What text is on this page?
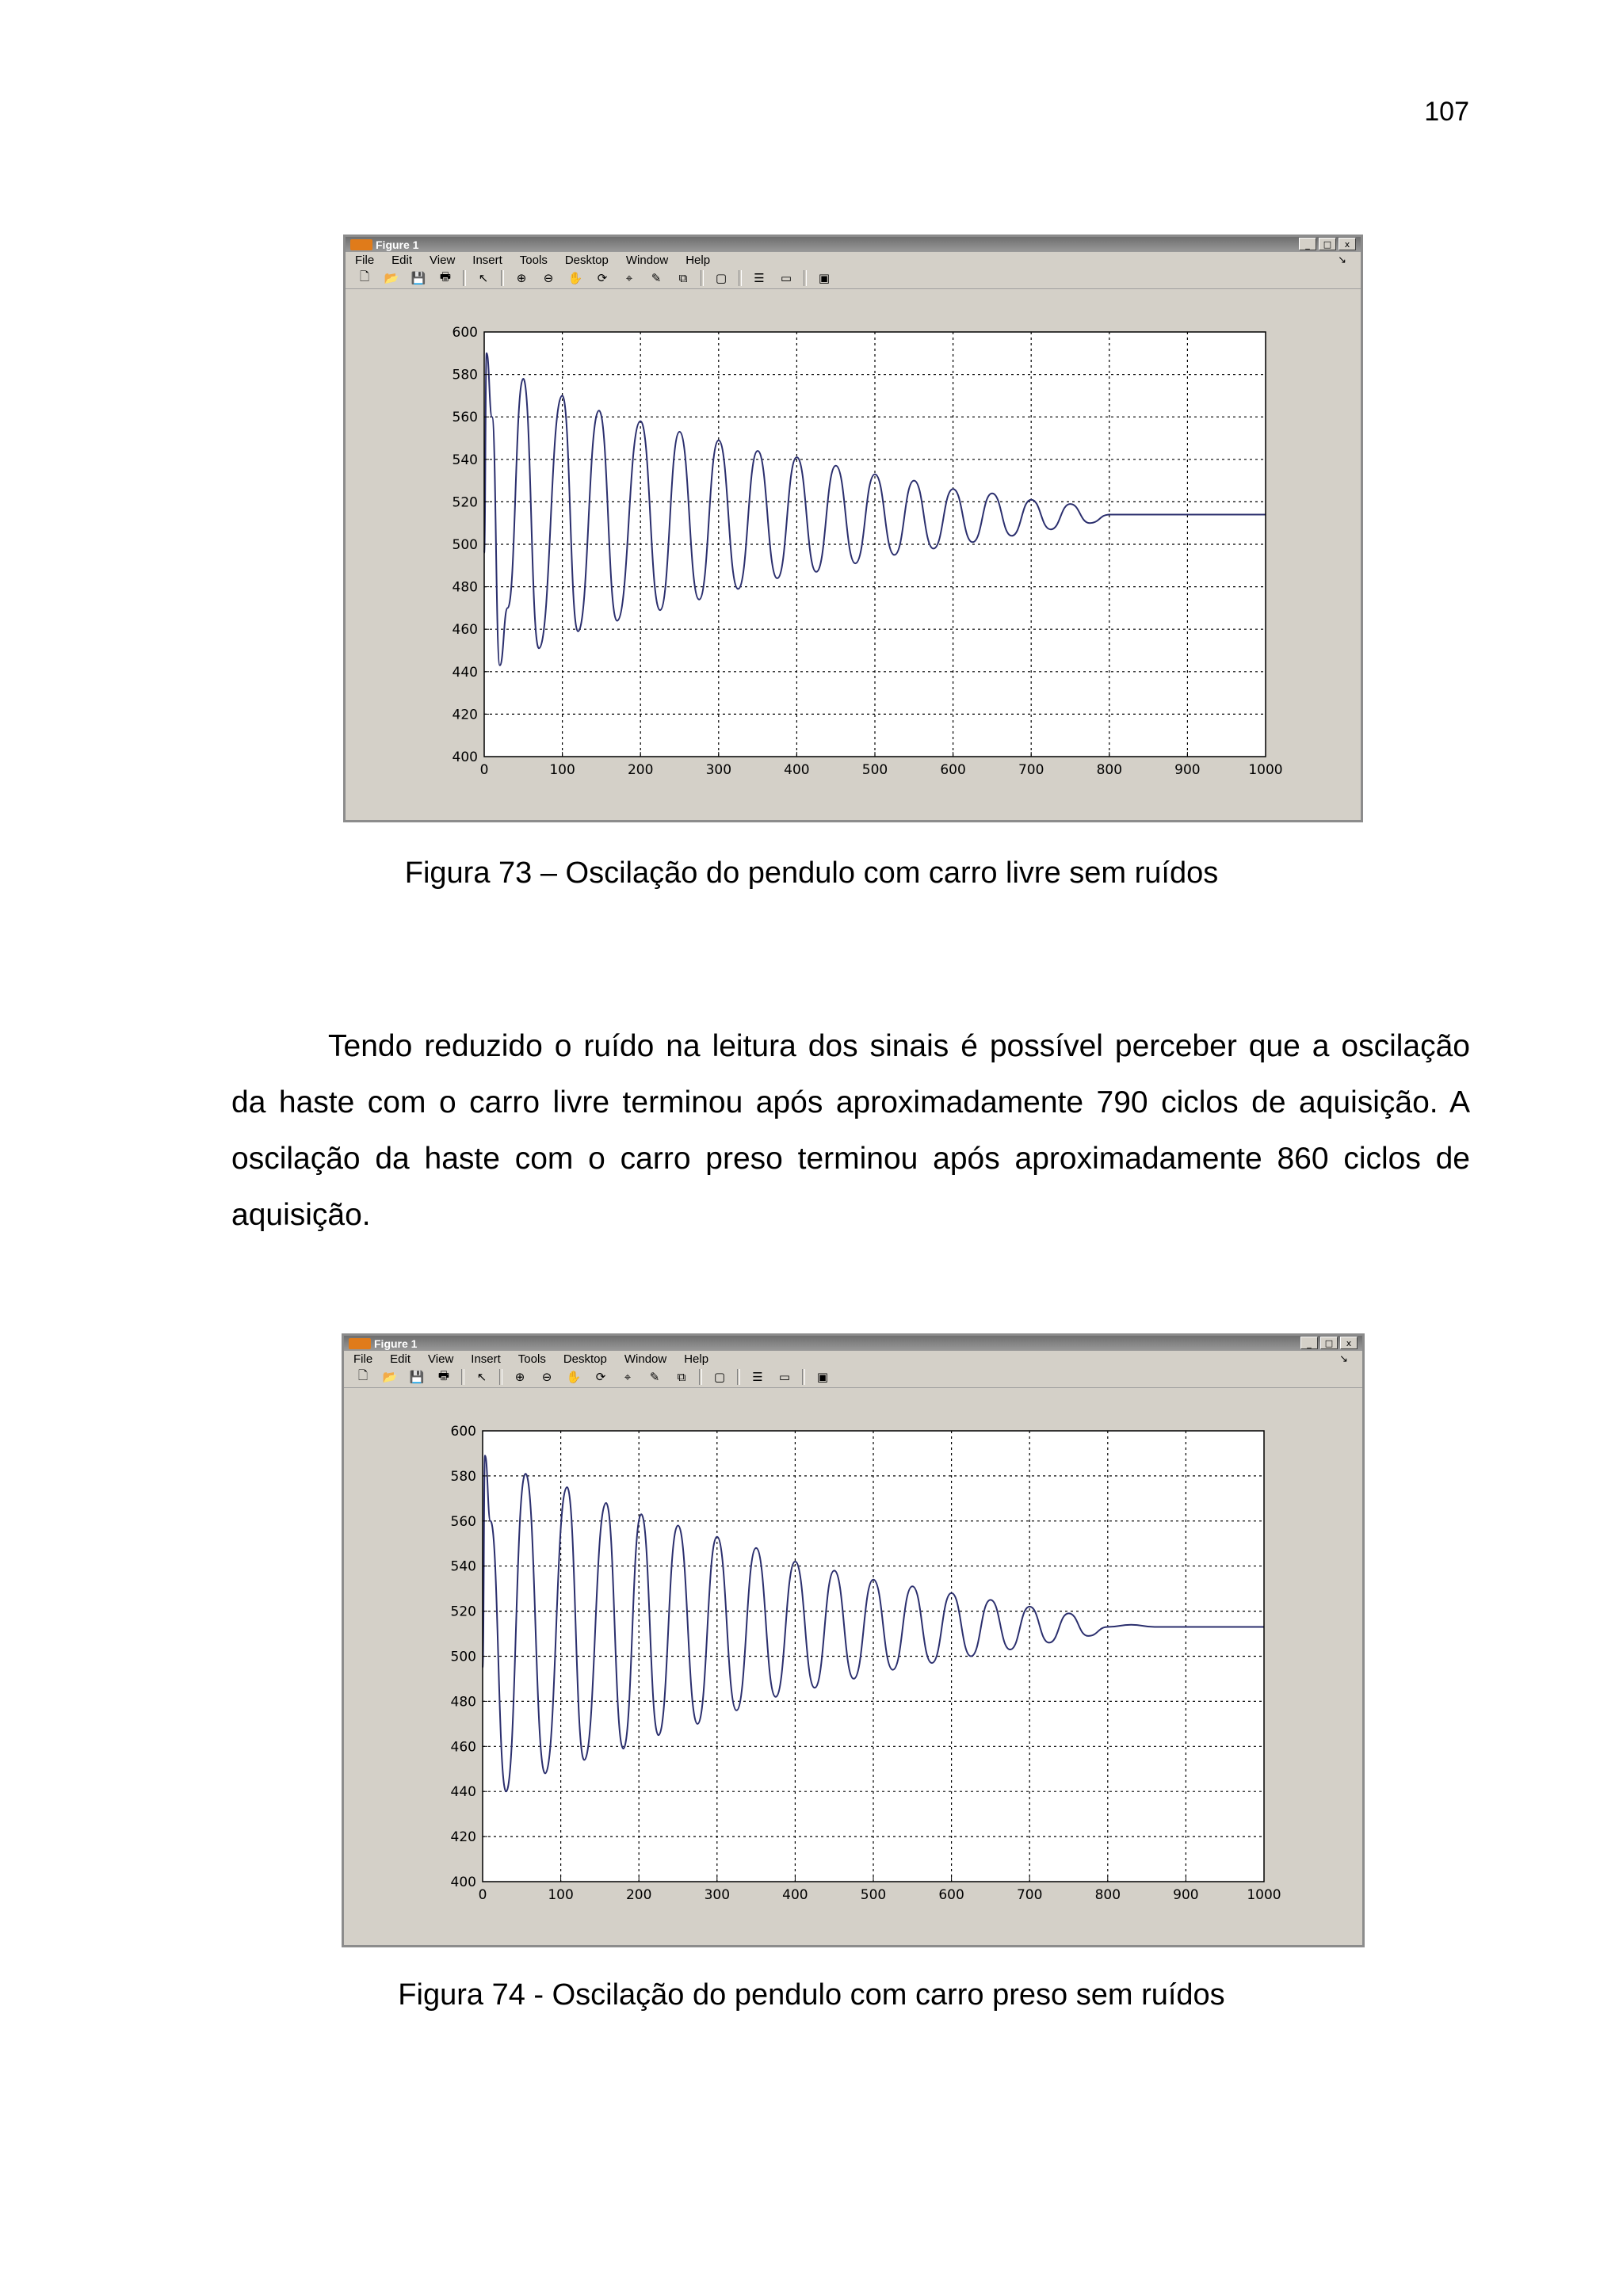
107
Figure 1	_	□	x
File Edit View Insert Tools Desktop Window Help	↘
🗋	📂 💾	🖶	↖	⊕	⊖	✋	⟳	⌖	✎	⧉	▢	☰	▭	▣
0	100	200	300	400	500	600	700	800	900	1000
400
420
440
460
480
500
520
540
560
580
600
Figura 73 – Oscilação do pendulo com carro livre sem ruídos
Tendo reduzido o ruído na leitura dos sinais é possível perceber que a oscilação da haste com o carro livre terminou após aproximadamente 790 ciclos de aquisição. A oscilação da haste com o carro preso terminou após aproximadamente 860 ciclos de aquisição.
Figure 1	_	□	x
File Edit View Insert Tools Desktop Window Help	↘
🗋	📂 💾	🖶	↖	⊕	⊖	✋	⟳	⌖	✎	⧉	▢	☰	▭	▣
0	100	200	300	400	500	600	700	800	900	1000
400
420
440
460
480
500
520
540
560
580
600
Figura 74 - Oscilação do pendulo com carro preso sem ruídos
